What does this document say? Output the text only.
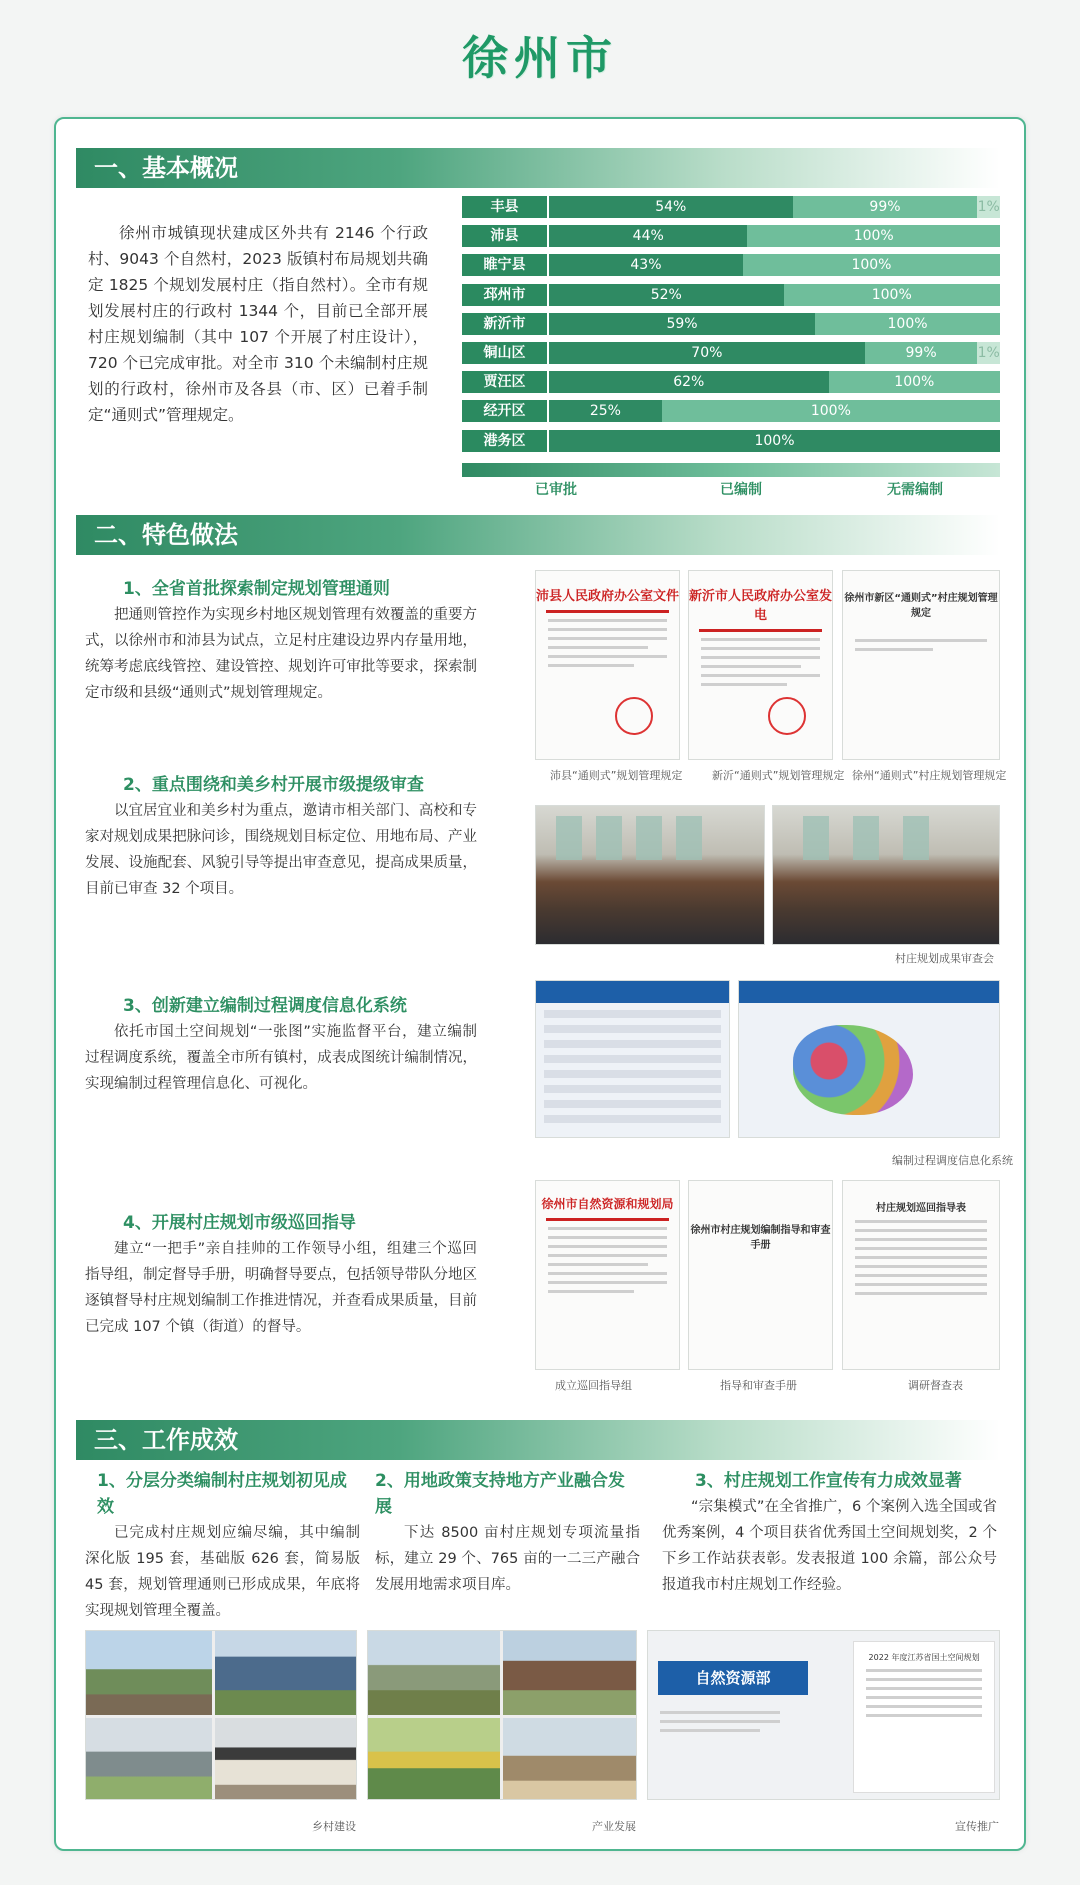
徐州市
一、基本概况
徐州市城镇现状建成区外共有 2146 个行政村、9043 个自然村，2023 版镇村布局规划共确定 1825 个规划发展村庄（指自然村）。全市有规划发展村庄的行政村 1344 个，目前已全部开展村庄规划编制（其中 107 个开展了村庄设计），720 个已完成审批。对全市 310 个未编制村庄规划的行政村，徐州市及各县（市、区）已着手制定“通则式”管理规定。
丰县	54%	99%	1%
沛县	44%	100%
睢宁县	43%	100%
邳州市	52%	100%
新沂市	59%	100%
铜山区	70%	99%	1%
贾汪区	62%	100%
经开区	25%	100%
港务区	100%
已审批	已编制	无需编制
二、特色做法
1、全省首批探索制定规划管理通则
把通则管控作为实现乡村地区规划管理有效覆盖的重要方式，以徐州市和沛县为试点，立足村庄建设边界内存量用地，统筹考虑底线管控、建设管控、规划许可审批等要求，探索制定市级和县级“通则式”规划管理规定。
沛县人民政府办公室文件 新沂市人民政府办公室发电
徐州市新区“通则式”村庄规划管理规定
沛县“通则式”规划管理规定	新沂“通则式”规划管理规定 徐州“通则式”村庄规划管理规定
2、重点围绕和美乡村开展市级提级审查
以宜居宜业和美乡村为重点，邀请市相关部门、高校和专家对规划成果把脉问诊，围绕规划目标定位、用地布局、产业发展、设施配套、风貌引导等提出审查意见，提高成果质量，目前已审查 32 个项目。
村庄规划成果审查会
3、创新建立编制过程调度信息化系统
依托市国土空间规划“一张图”实施监督平台，建立编制过程调度系统，覆盖全市所有镇村，成表成图统计编制情况，实现编制过程管理信息化、可视化。
编制过程调度信息化系统
4、开展村庄规划市级巡回指导
建立“一把手”亲自挂帅的工作领导小组，组建三个巡回指导组，制定督导手册，明确督导要点，包括领导带队分地区逐镇督导村庄规划编制工作推进情况，并查看成果质量，目前已完成 107 个镇（街道）的督导。
徐州市自然资源和规划局
徐州市村庄规划编制指导和审查手册
村庄规划巡回指导表
成立巡回指导组	指导和审查手册	调研督查表
三、工作成效
1、分层分类编制村庄规划初见成效
已完成村庄规划应编尽编，其中编制深化版 195 套，基础版 626 套，简易版 45 套，规划管理通则已形成成果，年底将实现规划管理全覆盖。
2、用地政策支持地方产业融合发展
下达 8500 亩村庄规划专项流量指标，建立 29 个、765 亩的一二三产融合发展用地需求项目库。
3、村庄规划工作宣传有力成效显著
“宗集模式”在全省推广，6 个案例入选全国或省优秀案例，4 个项目获省优秀国土空间规划奖，2 个下乡工作站获表彰。发表报道 100 余篇，部公众号报道我市村庄规划工作经验。
乡村建设	产业发展
自然资源部
2022 年度江苏省国土空间规划
宣传推广
